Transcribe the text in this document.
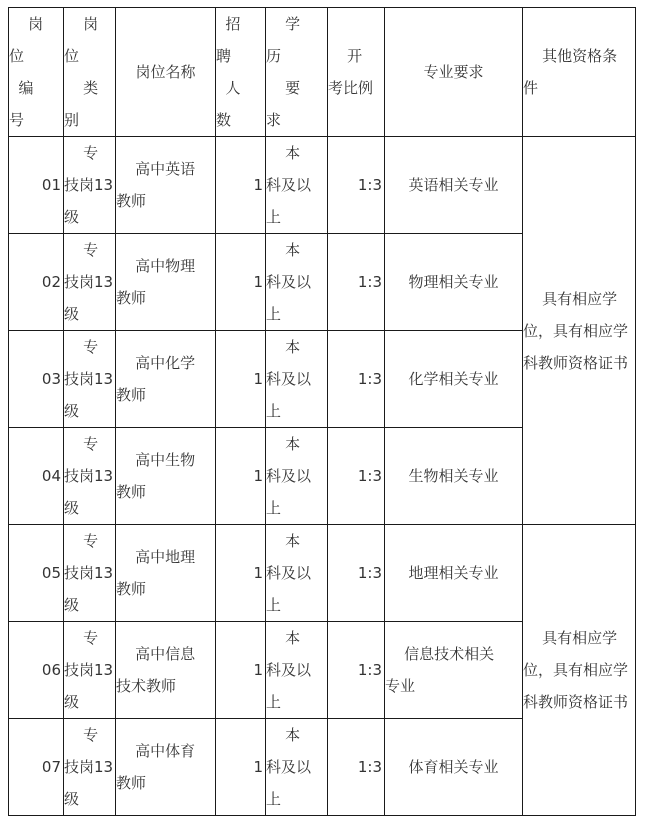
岗
位
编
号	岗
位
类
别	岗位名称	招
聘
人
数	学
历
要
求	开
考比例	专业要求	其他资格条
件

01	专
技岗13
级	高中英语
教师	1	本
科及以
上	1:3	英语相关专业	具有相应学
位，具有相应学
科教师资格证书

02	专
技岗13
级	高中物理
教师	1	本
科及以
上	1:3	物理相关专业	
03	专
技岗13
级	高中化学
教师	1	本
科及以
上	1:3	化学相关专业	
04	专
技岗13
级	高中生物
教师	1	本
科及以
上	1:3	生物相关专业	
05	专
技岗13
级	高中地理
教师	1	本
科及以
上	1:3	地理相关专业	具有相应学
位，具有相应学
科教师资格证书

06	专
技岗13
级	高中信息
技术教师	1	本
科及以
上	1:3	信息技术相关
专业	

07	专
技岗13
级	高中体育
教师	1	本
科及以
上	1:3	体育相关专业	
